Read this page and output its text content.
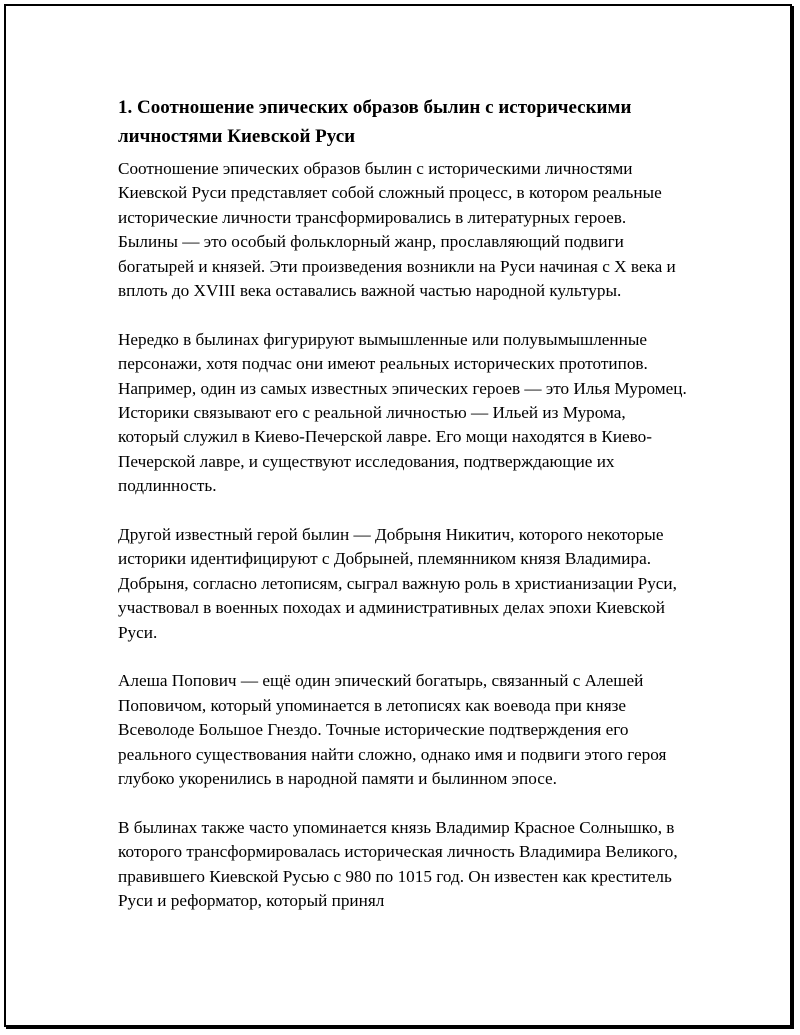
1. Соотношение эпических образов былин с историческими личностями Киевской Руси

Соотношение эпических образов былин с историческими личностями Киевской Руси представляет собой сложный процесс, в котором реальные исторические личности трансформировались в литературных героев. Былины — это особый фольклорный жанр, прославляющий подвиги богатырей и князей. Эти произведения возникли на Руси начиная с X века и вплоть до XVIII века оставались важной частью народной культуры.

Нередко в былинах фигурируют вымышленные или полувымышленные персонажи, хотя подчас они имеют реальных исторических прототипов. Например, один из самых известных эпических героев — это Илья Муромец. Историки связывают его с реальной личностью — Ильей из Мурома, который служил в Киево-Печерской лавре. Его мощи находятся в Киево-Печерской лавре, и существуют исследования, подтверждающие их подлинность.

Другой известный герой былин — Добрыня Никитич, которого некоторые историки идентифицируют с Добрыней, племянником князя Владимира. Добрыня, согласно летописям, сыграл важную роль в христианизации Руси, участвовал в военных походах и административных делах эпохи Киевской Руси.

Алеша Попович — ещё один эпический богатырь, связанный с Алешей Поповичом, который упоминается в летописях как воевода при князе Всеволоде Большое Гнездо. Точные исторические подтверждения его реального существования найти сложно, однако имя и подвиги этого героя глубоко укоренились в народной памяти и былинном эпосе.

В былинах также часто упоминается князь Владимир Красное Солнышко, в которого трансформировалась историческая личность Владимира Великого, правившего Киевской Русью с 980 по 1015 год. Он известен как креститель Руси и реформатор, который принял
